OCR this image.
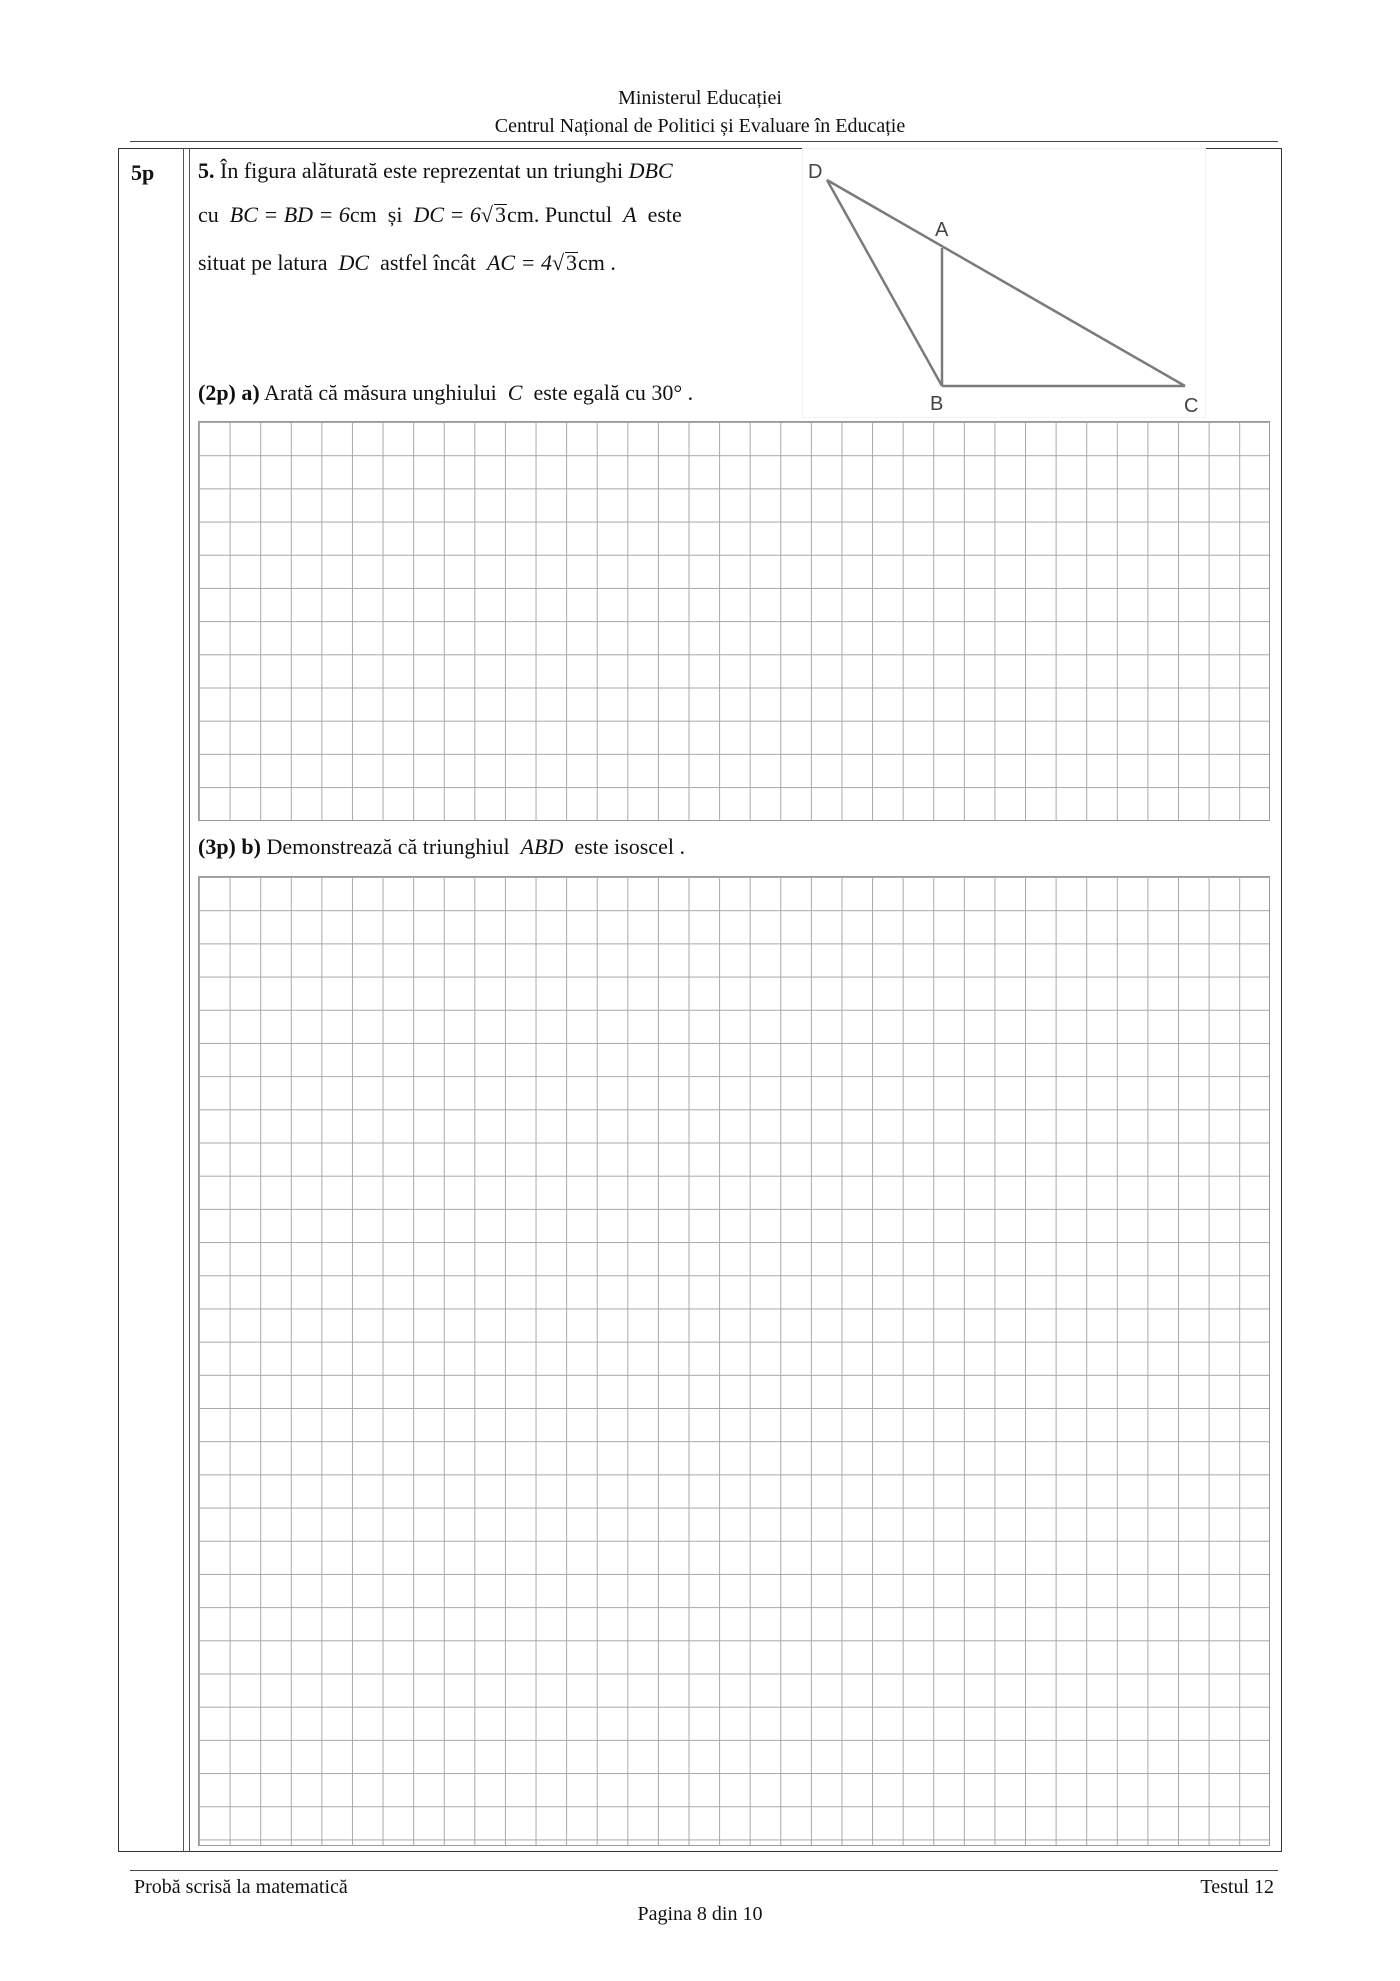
Ministerul Educației
Centrul Național de Politici și Evaluare în Educație
5p 5. În figura alăturată este reprezentat un triunghi DBC
cu BC = BD = 6cm și DC = 6√3cm. Punctul A este
situat pe latura DC astfel încât AC = 4√3cm .
(2p) a) Arată că măsura unghiului C este egală cu 30° .
D
A
B	C
(3p) b) Demonstrează că triunghiul ABD este isoscel .
Probă scrisă la matematică	Testul 12
Pagina 8 din 10
